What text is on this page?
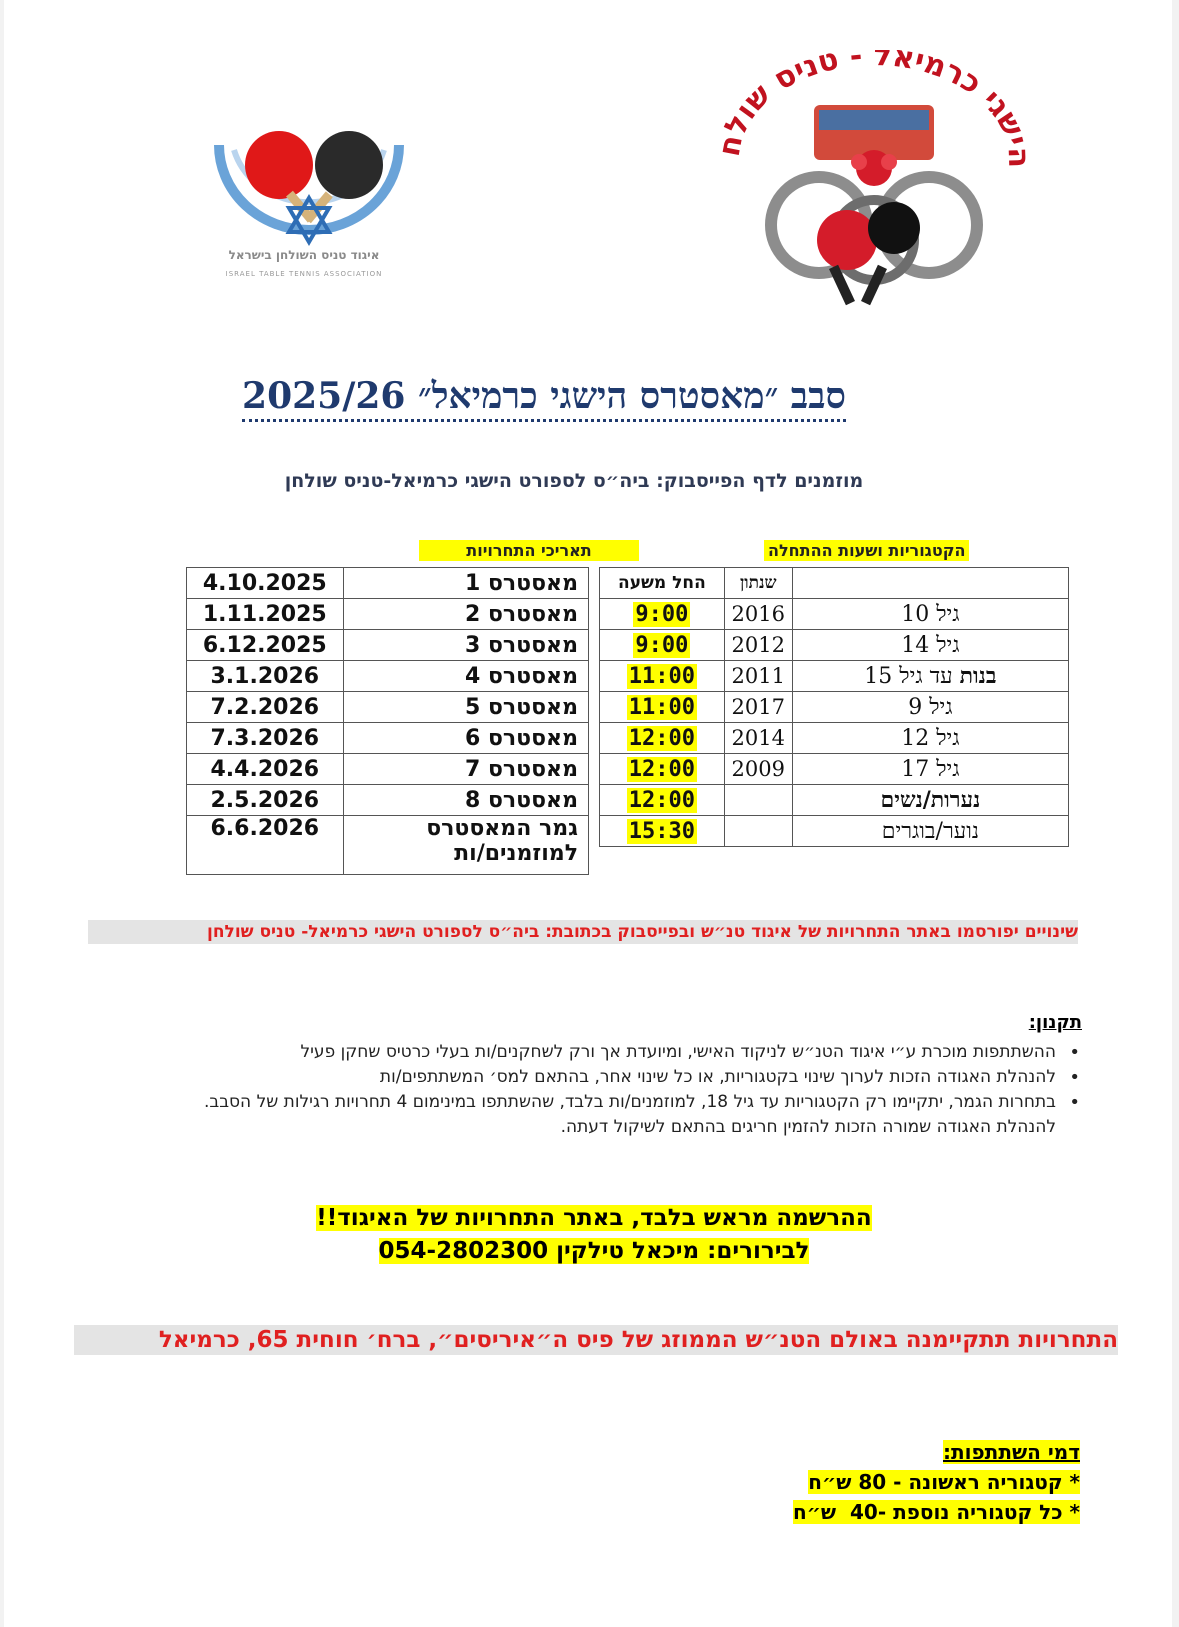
איגוד טניס השולחן בישראל
ISRAEL TABLE TENNIS ASSOCIATION
שגי כרמיאל - טניס שול
סבב ״מאסטרס הישגי כרמיאל״ 2025/26
מוזמנים לדף הפייסבוק: ביה״ס לספורט הישגי כרמיאל-טניס שולחן
הקטגוריות ושעות ההתחלה
תאריכי התחרויות
	שנתון	החל משעה
גיל 10	2016	9:00
גיל 14	2012	9:00
בנות עד גיל 15	2011	11:00
גיל 9	2017	11:00
גיל 12	2014	12:00
גיל 17	2009	12:00
נערות/נשים		12:00
נוער/בוגרים		15:30
מאסטרס 1	4.10.2025
מאסטרס 2	1.11.2025
מאסטרס 3	6.12.2025
מאסטרס 4	3.1.2026
מאסטרס 5	7.2.2026
מאסטרס 6	7.3.2026
מאסטרס 7	4.4.2026
מאסטרס 8	2.5.2026
גמר המאסטרס למוזמנים/ות	6.6.2026
שינויים יפורסמו באתר התחרויות של איגוד טנ״ש ובפייסבוק בכתובת: ביה״ס לספורט הישגי כרמיאל- טניס שולחן
תקנון:
•
ההשתתפות מוכרת ע״י איגוד הטנ״ש לניקוד האישי, ומיועדת אך ורק לשחקנים/ות בעלי כרטיס שחקן פעיל
•
להנהלת האגודה הזכות לערוך שינוי בקטגוריות, או כל שינוי אחר, בהתאם למס׳ המשתתפים/ות
•
בתחרות הגמר, יתקיימו רק הקטגוריות עד גיל 18, למוזמנים/ות בלבד, שהשתתפו במינימום 4 תחרויות רגילות של הסבב.
להנהלת האגודה שמורה הזכות להזמין חריגים בהתאם לשיקול דעתה.
ההרשמה מראש בלבד, באתר התחרויות של האיגוד!!
לבירורים: מיכאל טילקין 054-2802300
התחרויות תתקיימנה באולם הטנ״ש הממוזג של פיס ה״איריסים״, ברח׳ חוחית 65, כרמיאל
דמי השתתפות:
* קטגוריה ראשונה - 80 ש״ח
* כל קטגוריה נוספת -40  ש״ח
